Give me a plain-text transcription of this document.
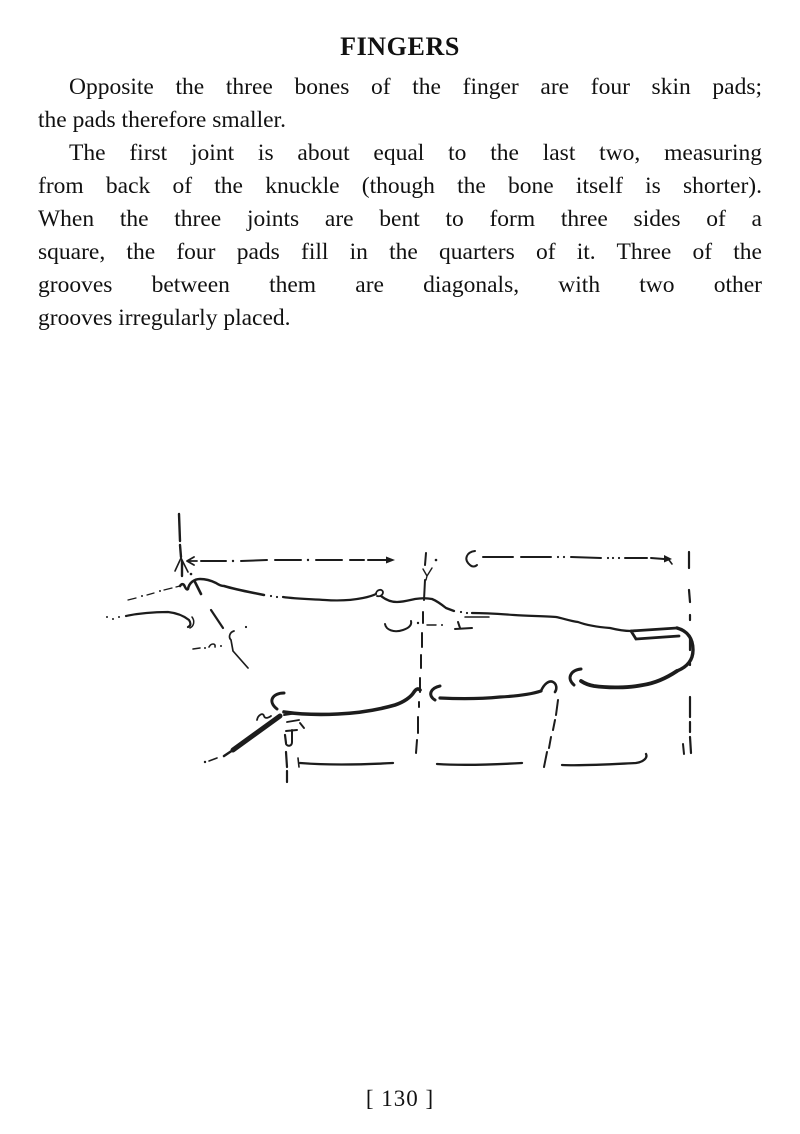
FINGERS
Opposite the three bones of the finger are four skin pads;
the pads therefore smaller.
The first joint is about equal to the last two, measuring
from back of the knuckle (though the bone itself is shorter).
When the three joints are bent to form three sides of a
square, the four pads fill in the quarters of it. Three of the
grooves between them are diagonals, with two other
grooves irregularly placed.
[ 130 ]
